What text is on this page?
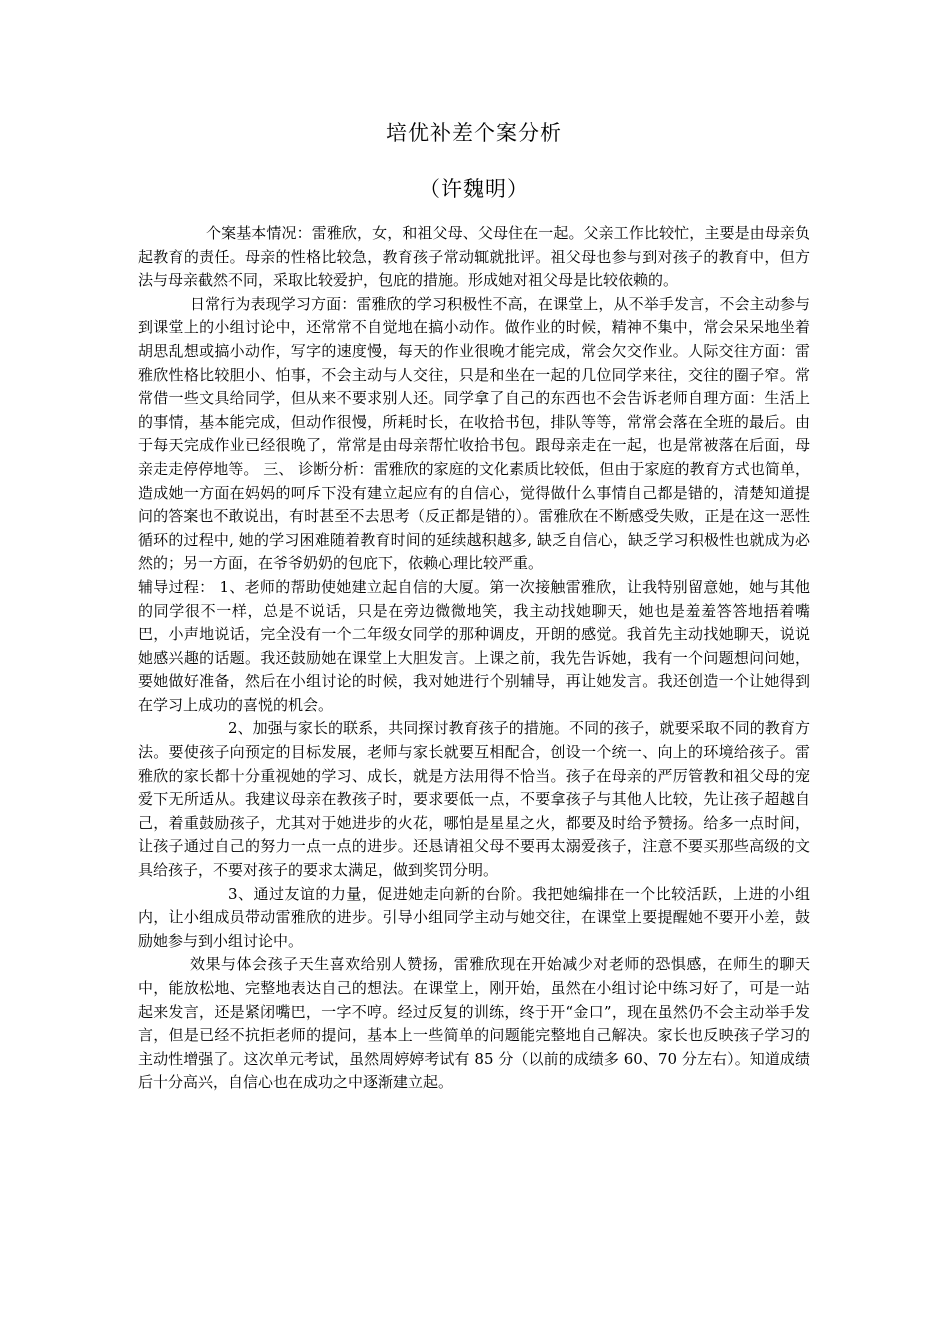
培优补差个案分析
（许魏明）

个案基本情况：雷雅欣，女，和祖父母、父母住在一起。父亲工作比较忙，主要是由母亲负起教育的责任。母亲的性格比较急，教育孩子常动辄就批评。祖父母也参与到对孩子的教育中，但方法与母亲截然不同，采取比较爱护，包庇的措施。形成她对祖父母是比较依赖的。

日常行为表现学习方面：雷雅欣的学习积极性不高，在课堂上，从不举手发言，不会主动参与到课堂上的小组讨论中，还常常不自觉地在搞小动作。做作业的时候，精神不集中，常会呆呆地坐着胡思乱想或搞小动作，写字的速度慢，每天的作业很晚才能完成，常会欠交作业。人际交往方面：雷雅欣性格比较胆小、怕事，不会主动与人交往，只是和坐在一起的几位同学来往，交往的圈子窄。常常借一些文具给同学，但从来不要求别人还。同学拿了自己的东西也不会告诉老师自理方面：生活上的事情，基本能完成，但动作很慢，所耗时长，在收拾书包，排队等等，常常会落在全班的最后。由于每天完成作业已经很晚了，常常是由母亲帮忙收拾书包。跟母亲走在一起，也是常被落在后面，母亲走走停停地等。 三、 诊断分析：雷雅欣的家庭的文化素质比较低，但由于家庭的教育方式也简单，造成她一方面在妈妈的呵斥下没有建立起应有的自信心，觉得做什么事情自己都是错的，清楚知道提问的答案也不敢说出，有时甚至不去思考（反正都是错的）。雷雅欣在不断感受失败，正是在这一恶性循环的过程中, 她的学习困难随着教育时间的延续越积越多, 缺乏自信心，缺乏学习积极性也就成为必然的；另一方面，在爷爷奶奶的包庇下，依赖心理比较严重。

辅导过程： 1、老师的帮助使她建立起自信的大厦。第一次接触雷雅欣，让我特别留意她，她与其他的同学很不一样，总是不说话，只是在旁边微微地笑，我主动找她聊天，她也是羞羞答答地捂着嘴巴，小声地说话，完全没有一个二年级女同学的那种调皮，开朗的感觉。我首先主动找她聊天，说说她感兴趣的话题。我还鼓励她在课堂上大胆发言。上课之前，我先告诉她，我有一个问题想问问她，要她做好准备，然后在小组讨论的时候，我对她进行个别辅导，再让她发言。我还创造一个让她得到在学习上成功的喜悦的机会。

2、加强与家长的联系，共同探讨教育孩子的措施。不同的孩子，就要采取不同的教育方法。要使孩子向预定的目标发展，老师与家长就要互相配合，创设一个统一、向上的环境给孩子。雷雅欣的家长都十分重视她的学习、成长，就是方法用得不恰当。孩子在母亲的严厉管教和祖父母的宠爱下无所适从。我建议母亲在教孩子时，要求要低一点，不要拿孩子与其他人比较，先让孩子超越自己，着重鼓励孩子，尤其对于她进步的火花，哪怕是星星之火，都要及时给予赞扬。给多一点时间，让孩子通过自己的努力一点一点的进步。还恳请祖父母不要再太溺爱孩子，注意不要买那些高级的文具给孩子，不要对孩子的要求太满足，做到奖罚分明。

3、通过友谊的力量，促进她走向新的台阶。我把她编排在一个比较活跃，上进的小组内，让小组成员带动雷雅欣的进步。引导小组同学主动与她交往，在课堂上要提醒她不要开小差，鼓励她参与到小组讨论中。

效果与体会孩子天生喜欢给别人赞扬，雷雅欣现在开始减少对老师的恐惧感，在师生的聊天中，能放松地、完整地表达自己的想法。在课堂上，刚开始，虽然在小组讨论中练习好了，可是一站起来发言，还是紧闭嘴巴，一字不哼。经过反复的训练，终于开“金口”，现在虽然仍不会主动举手发言，但是已经不抗拒老师的提问，基本上一些简单的问题能完整地自己解决。家长也反映孩子学习的主动性增强了。这次单元考试，虽然周婷婷考试有 85 分（以前的成绩多 60、70 分左右）。知道成绩后十分高兴，自信心也在成功之中逐渐建立起。
